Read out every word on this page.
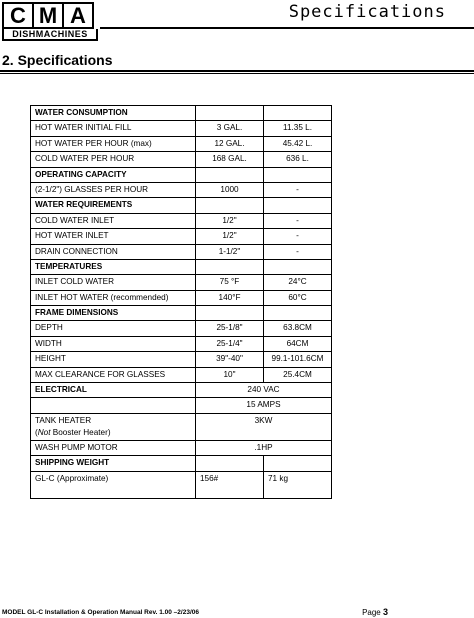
C M A
DISHMACHINES
Specifications
2. Specifications
WATER CONSUMPTION		
HOT WATER INITIAL FILL	3 GAL.	11.35 L.
HOT WATER PER HOUR (max)	12 GAL.	45.42 L.
COLD WATER PER HOUR	168 GAL.	636 L.
OPERATING CAPACITY		
(2-1/2") GLASSES PER HOUR	1000	-
WATER REQUIREMENTS		
COLD WATER INLET	1/2"	-
HOT WATER INLET	1/2"	-
DRAIN CONNECTION	1-1/2"	-
TEMPERATURES		
INLET COLD WATER	75 °F	24°C
INLET HOT WATER (recommended)	140°F	60°C
FRAME DIMENSIONS		
DEPTH	25-1/8"	63.8CM
WIDTH	25-1/4"	64CM
HEIGHT	39"-40"	99.1-101.6CM
MAX CLEARANCE FOR GLASSES	10"	25.4CM
ELECTRICAL	240 VAC	
	15 AMPS	

TANK HEATER
(Not Booster Heater)	3KW	
WASH PUMP MOTOR	.1HP	
SHIPPING WEIGHT		
GL-C (Approximate)	156#	71 kg
MODEL GL-C Installation & Operation Manual Rev. 1.00 –2/23/06	Page 3
